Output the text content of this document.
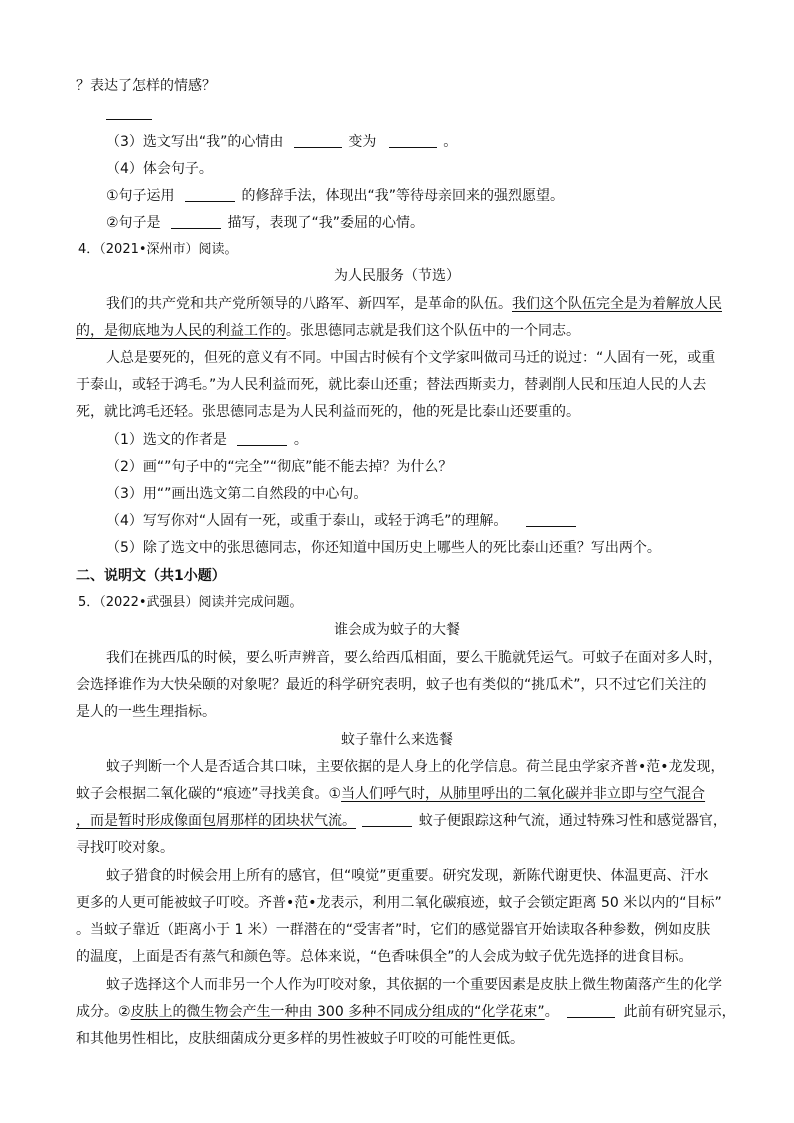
？表达了怎样的情感？
（3）选文写出“我”的心情由	变为	。
（4）体会句子。
①句子运用	的修辞手法，体现出“我”等待母亲回来的强烈愿望。
②句子是	描写，表现了“我”委屈的心情。
4．（2021•深州市）阅读。
为人民服务（节选）
我们的共产党和共产党所领导的八路军、新四军，是革命的队伍。我们这个队伍完全是为着解放人民
的，是彻底地为人民的利益工作的。张思德同志就是我们这个队伍中的一个同志。
人总是要死的，但死的意义有不同。中国古时候有个文学家叫做司马迁的说过：“人固有一死，或重
于泰山，或轻于鸿毛。”为人民利益而死，就比泰山还重；替法西斯卖力，替剥削人民和压迫人民的人去
死，就比鸿毛还轻。张思德同志是为人民利益而死的，他的死是比泰山还要重的。
（1）选文的作者是	。
（2）画“”句子中的“完全”“彻底”能不能去掉？为什么？
（3）用“”画出选文第二自然段的中心句。
（4）写写你对“人固有一死，或重于泰山，或轻于鸿毛”的理解。
（5）除了选文中的张思德同志，你还知道中国历史上哪些人的死比泰山还重？写出两个。
二、说明文（共1小题）
5．（2022•武强县）阅读并完成问题。
谁会成为蚊子的大餐
我们在挑西瓜的时候，要么听声辨音，要么给西瓜相面，要么干脆就凭运气。可蚊子在面对多人时，
会选择谁作为大快朵颐的对象呢？最近的科学研究表明，蚊子也有类似的“挑瓜术”，只不过它们关注的
是人的一些生理指标。
蚊子靠什么来选餐
蚊子判断一个人是否适合其口味，主要依据的是人身上的化学信息。荷兰昆虫学家齐普•范•龙发现，
蚊子会根据二氧化碳的“痕迹”寻找美食。①当人们呼气时，从肺里呼出的二氧化碳并非立即与空气混合
，而是暂时形成像面包屑那样的团块状气流。	蚊子便跟踪这种气流，通过特殊习性和感觉器官，
寻找叮咬对象。
蚊子猎食的时候会用上所有的感官，但“嗅觉”更重要。研究发现，新陈代谢更快、体温更高、汗水
更多的人更可能被蚊子叮咬。齐普•范•龙表示，利用二氧化碳痕迹，蚊子会锁定距离 50 米以内的“目标”
。当蚊子靠近（距离小于 1 米）一群潜在的“受害者”时，它们的感觉器官开始读取各种参数，例如皮肤
的温度，上面是否有蒸气和颜色等。总体来说，“色香味俱全”的人会成为蚊子优先选择的进食目标。
蚊子选择这个人而非另一个人作为叮咬对象，其依据的一个重要因素是皮肤上微生物菌落产生的化学
成分。②皮肤上的微生物会产生一种由 300 多种不同成分组成的“化学花束”。	此前有研究显示，
和其他男性相比，皮肤细菌成分更多样的男性被蚊子叮咬的可能性更低。
